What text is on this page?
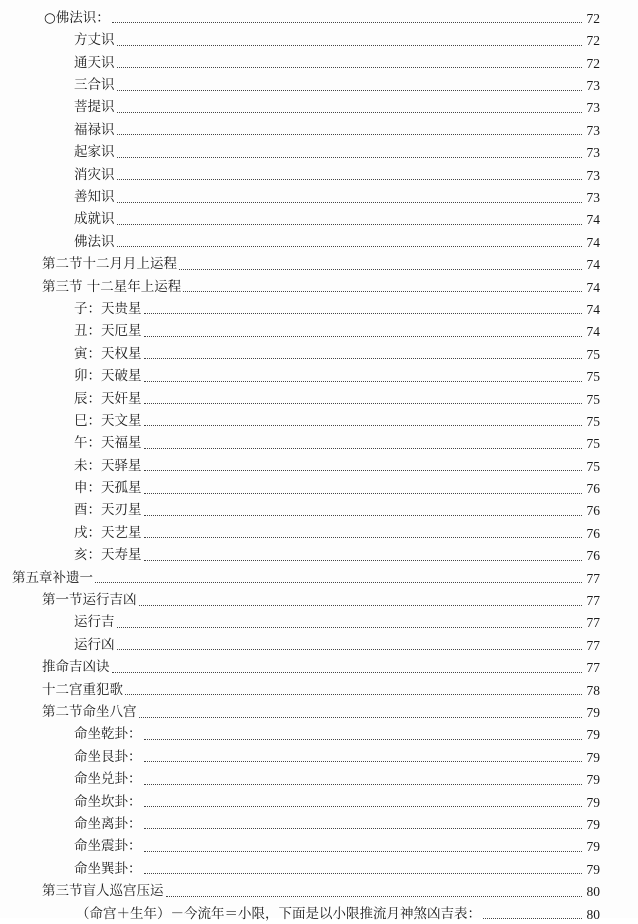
○佛法识：	72
方丈识	72
通天识	72
三合识	73
菩提识	73
福禄识	73
起家识	73
消灾识	73
善知识	73
成就识	74
佛法识	74
第二节十二月月上运程	74
第三节 十二星年上运程	74
子：天贵星	74
丑：天厄星	74
寅：天权星	75
卯：天破星	75
辰：天奸星	75
巳：天文星	75
午：天福星	75
未：天驿星	75
申：天孤星	76
酉：天刃星	76
戌：天艺星	76
亥：天寿星	76
第五章补遗一	77
第一节运行吉凶	77
运行吉	77
运行凶	77
推命吉凶诀	77
十二宫重犯歌	78
第二节命坐八宫	79
命坐乾卦：	79
命坐艮卦：	79
命坐兑卦：	79
命坐坎卦：	79
命坐离卦：	79
命坐震卦：	79
命坐巽卦：	79
第三节盲人巡宫压运	80
（命宫＋生年）－今流年＝小限，下面是以小限推流月神煞凶吉表：	80
